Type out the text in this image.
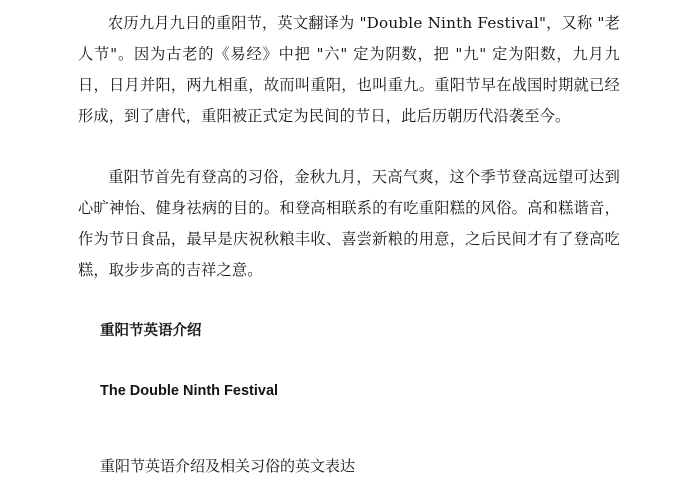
农历九月九日的重阳节，英文翻译为 "Double Ninth Festival"，又称 "老人节"。因为古老的《易经》中把 "六" 定为阴数，把 "九" 定为阳数，九月九日，日月并阳，两九相重，故而叫重阳，也叫重九。重阳节早在战国时期就已经形成，到了唐代，重阳被正式定为民间的节日，此后历朝历代沿袭至今。

重阳节首先有登高的习俗，金秋九月，天高气爽，这个季节登高远望可达到心旷神怡、健身祛病的目的。和登高相联系的有吃重阳糕的风俗。高和糕谐音，作为节日食品，最早是庆祝秋粮丰收、喜尝新粮的用意，之后民间才有了登高吃糕，取步步高的吉祥之意。

重阳节英语介绍

The Double Ninth Festival

重阳节英语介绍及相关习俗的英文表达
